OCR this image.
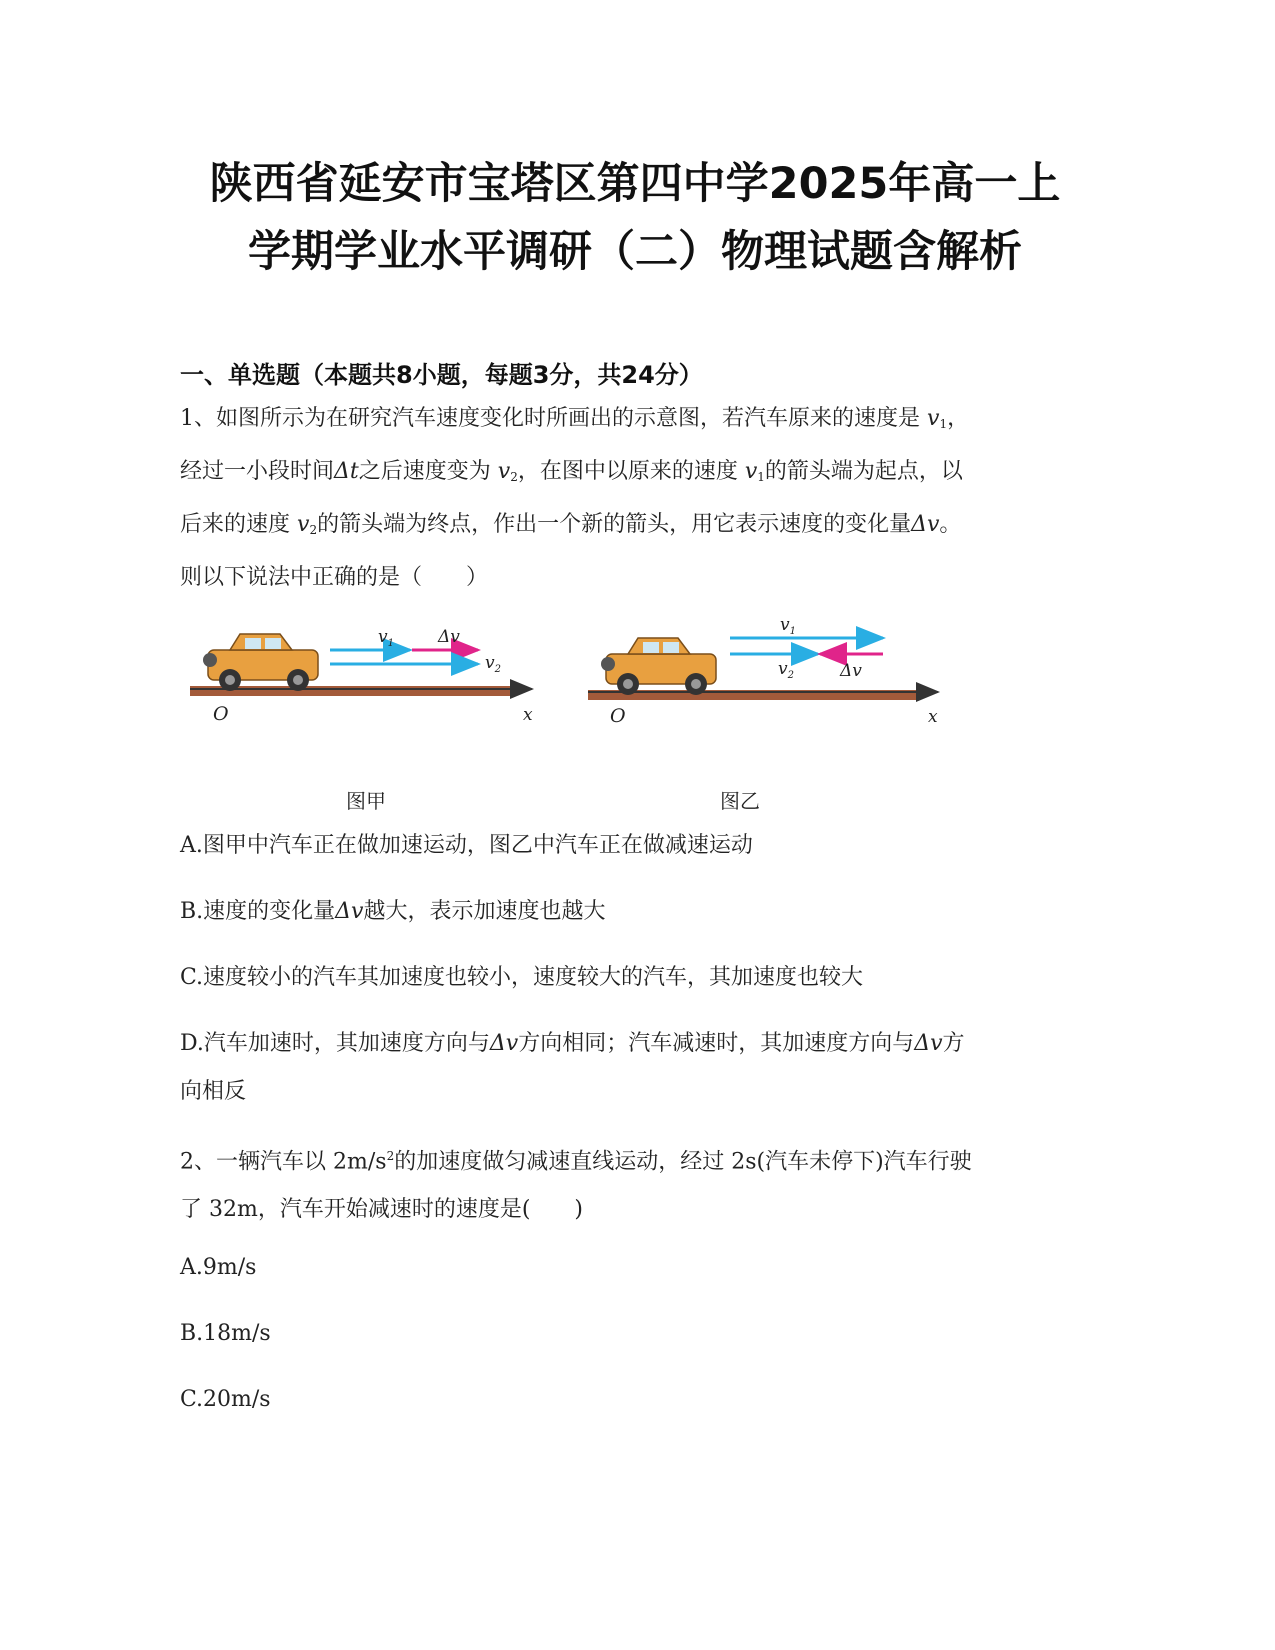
陕西省延安市宝塔区第四中学2025年高一上
学期学业水平调研（二）物理试题含解析
一、单选题（本题共8小题，每题3分，共24分）
1、如图所示为在研究汽车速度变化时所画出的示意图，若汽车原来的速度是 $v_1$，
经过一小段时间Δt之后速度变为 $v_2$，在图中以原来的速度 $v_1$的箭头端为起点，以
后来的速度 $v_2$的箭头端为终点，作出一个新的箭头，用它表示速度的变化量Δv。
则以下说法中正确的是（　　）
$v_1$	Δv
$v_2$
O	x
$v_1$
$v_2$	Δv
O	x
图甲	图乙
A.图甲中汽车正在做加速运动，图乙中汽车正在做减速运动
B.速度的变化量Δv越大，表示加速度也越大
C.速度较小的汽车其加速度也较小，速度较大的汽车，其加速度也较大
D.汽车加速时，其加速度方向与Δv方向相同；汽车减速时，其加速度方向与Δv方
向相反
2、一辆汽车以 $2m/s^2$的加速度做匀减速直线运动，经过 2s(汽车未停下)汽车行驶
了 32m，汽车开始减速时的速度是(　　)
A.9m/s
B.18m/s
C.20m/s
